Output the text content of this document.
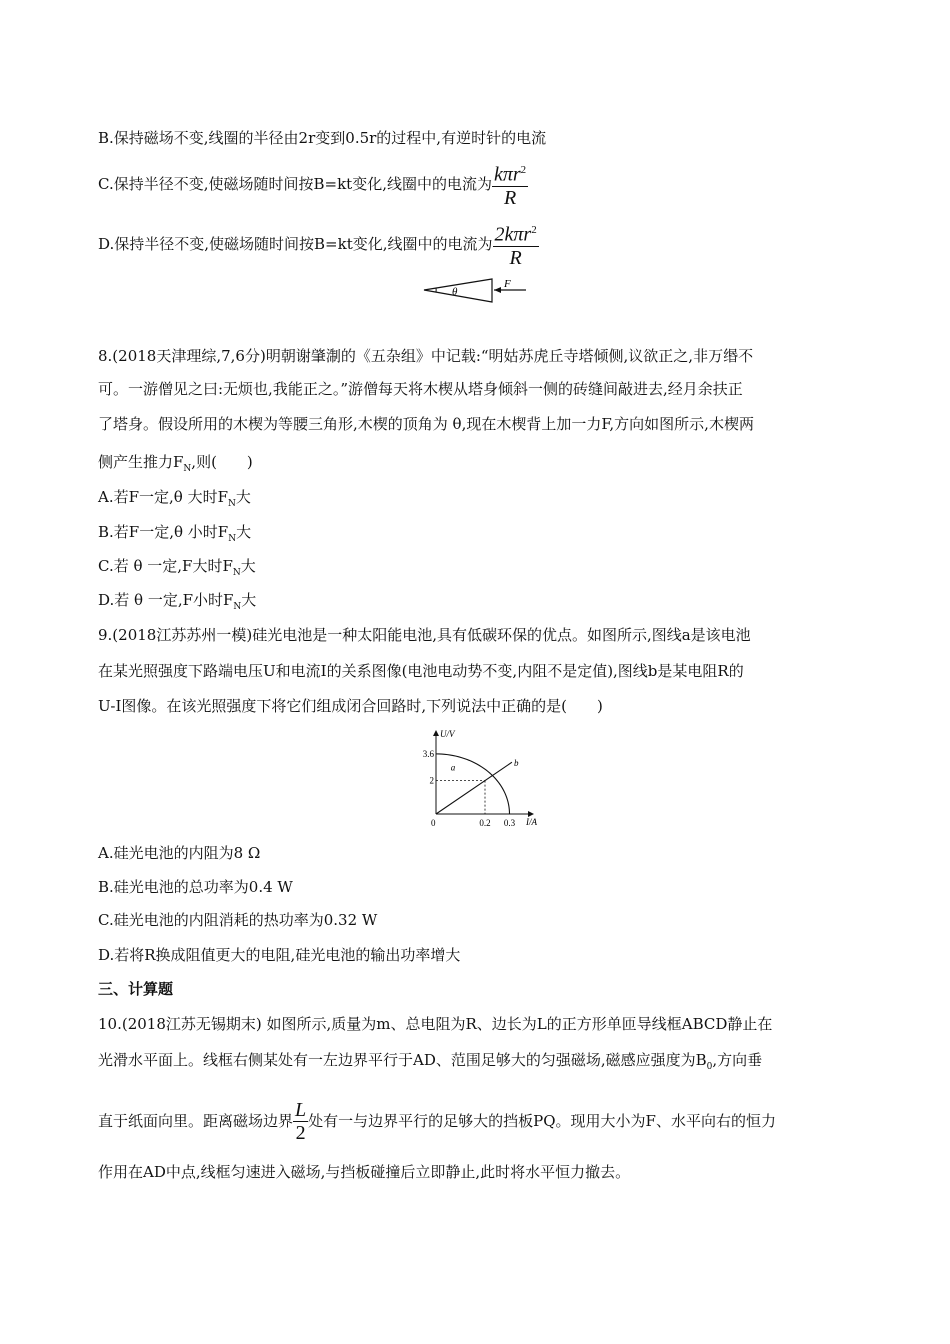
B.保持磁场不变,线圈的半径由2r变到0.5r的过程中,有逆时针的电流
C.保持半径不变,使磁场随时间按B=kt变化,线圈中的电流为 $\frac{k\pi r^2}{R}$
D.保持半径不变,使磁场随时间按B=kt变化,线圈中的电流为 $\frac{2k\pi r^2}{R}$
θ
F
8.(2018天津理综,7,6分)明朝谢肇淛的《五杂组》中记载:“明姑苏虎丘寺塔倾侧,议欲正之,非万缗不
可。一游僧见之曰:无烦也,我能正之。”游僧每天将木楔从塔身倾斜一侧的砖缝间敲进去,经月余扶正
了塔身。假设所用的木楔为等腰三角形,木楔的顶角为 θ,现在木楔背上加一力F,方向如图所示,木楔两
侧产生推力$F_N$,则(　　)
A.若F一定,θ 大时$F_N$大
B.若F一定,θ 小时$F_N$大
C.若 θ 一定,F大时$F_N$大
D.若 θ 一定,F小时$F_N$大
9.(2018江苏苏州一模)硅光电池是一种太阳能电池,具有低碳环保的优点。如图所示,图线a是该电池
在某光照强度下路端电压U和电流I的关系图像(电池电动势不变,内阻不是定值),图线b是某电阻R的
U-I图像。在该光照强度下将它们组成闭合回路时,下列说法中正确的是(　　)
a	b
3.6
2
0.2 0.3
U/V
I/A
0
A.硅光电池的内阻为8 Ω
B.硅光电池的总功率为0.4 W
C.硅光电池的内阻消耗的热功率为0.32 W
D.若将R换成阻值更大的电阻,硅光电池的输出功率增大
三、计算题
10.(2018江苏无锡期末) 如图所示,质量为m、总电阻为R、边长为L的正方形单匝导线框ABCD静止在
光滑水平面上。线框右侧某处有一左边界平行于AD、范围足够大的匀强磁场,磁感应强度为$B_0$,方向垂
直于纸面向里。距离磁场边界 $\frac{L}{2}$ 处有一与边界平行的足够大的挡板PQ。现用大小为F、水平向右的恒力
作用在AD中点,线框匀速进入磁场,与挡板碰撞后立即静止,此时将水平恒力撤去。
